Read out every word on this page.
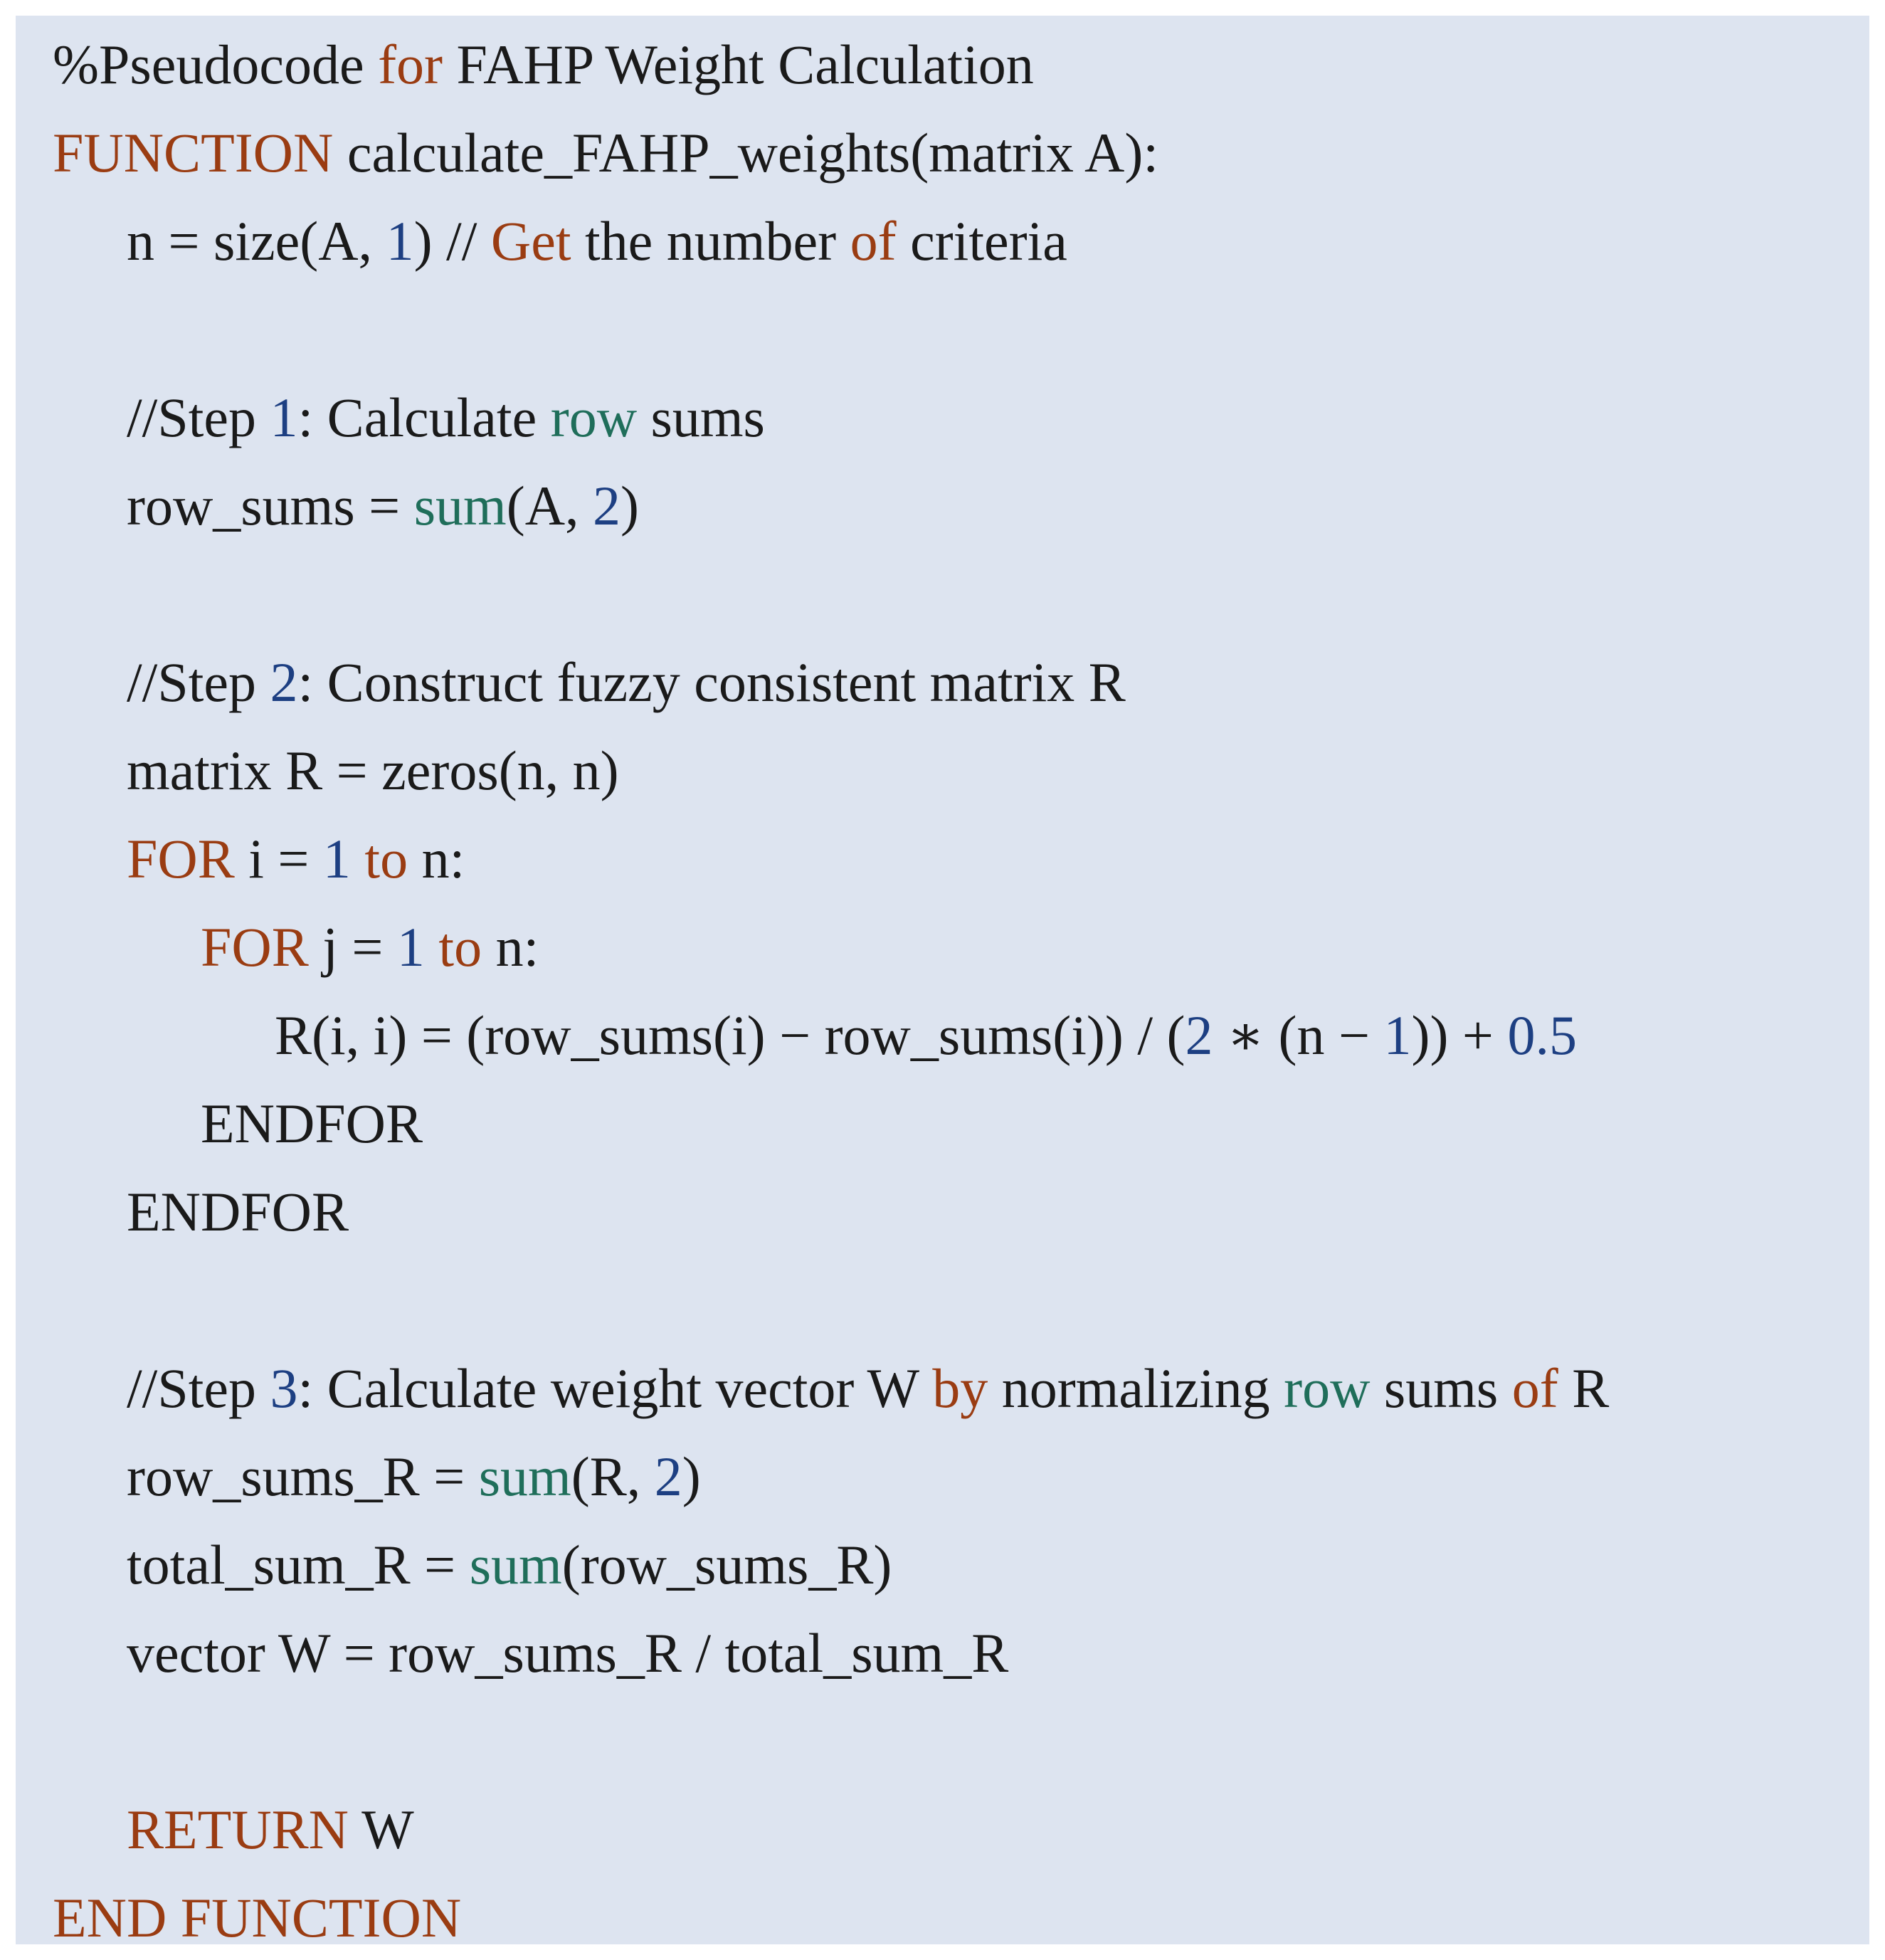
%Pseudocode for FAHP Weight Calculation
FUNCTION calculate_FAHP_weights(matrix A):
n = size(A, 1) // Get the number of criteria
//Step 1: Calculate row sums
row_sums = sum(A, 2)
//Step 2: Construct fuzzy consistent matrix R
matrix R = zeros(n, n)
FOR i = 1 to n:
FOR j = 1 to n:
R(i, i) = (row_sums(i) − row_sums(i)) / (2 ∗ (n − 1)) + 0.5
ENDFOR
ENDFOR
//Step 3: Calculate weight vector W by normalizing row sums of R
row_sums_R = sum(R, 2)
total_sum_R = sum(row_sums_R)
vector W = row_sums_R / total_sum_R
RETURN W
END FUNCTION
